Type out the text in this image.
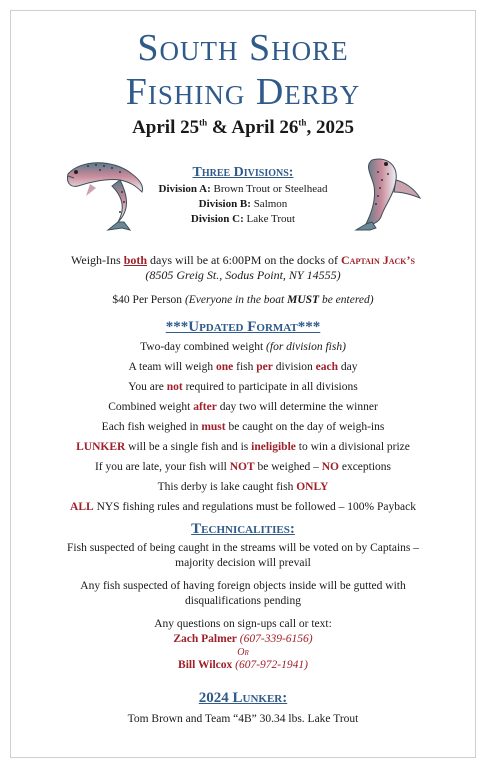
South Shore
Fishing Derby
April 25th & April 26th, 2025
Three Divisions:
Division A: Brown Trout or Steelhead
Division B: Salmon
Division C: Lake Trout
Weigh-Ins both days will be at 6:00PM on the docks of Captain Jack’s
(8505 Greig St., Sodus Point, NY 14555)
$40 Per Person (Everyone in the boat MUST be entered)
***Updated Format***
Two-day combined weight (for division fish)
A team will weigh one fish per division each day
You are not required to participate in all divisions
Combined weight after day two will determine the winner
Each fish weighed in must be caught on the day of weigh-ins
LUNKER will be a single fish and is ineligible to win a divisional prize
If you are late, your fish will NOT be weighed – NO exceptions
This derby is lake caught fish ONLY
ALL NYS fishing rules and regulations must be followed – 100% Payback
Technicalities:
Fish suspected of being caught in the streams will be voted on by Captains –
majority decision will prevail
Any fish suspected of having foreign objects inside will be gutted with
disqualifications pending
Any questions on sign-ups call or text:
Zach Palmer (607-339-6156)
Or
Bill Wilcox (607-972-1941)
2024 Lunker:
Tom Brown and Team “4B” 30.34 lbs. Lake Trout
